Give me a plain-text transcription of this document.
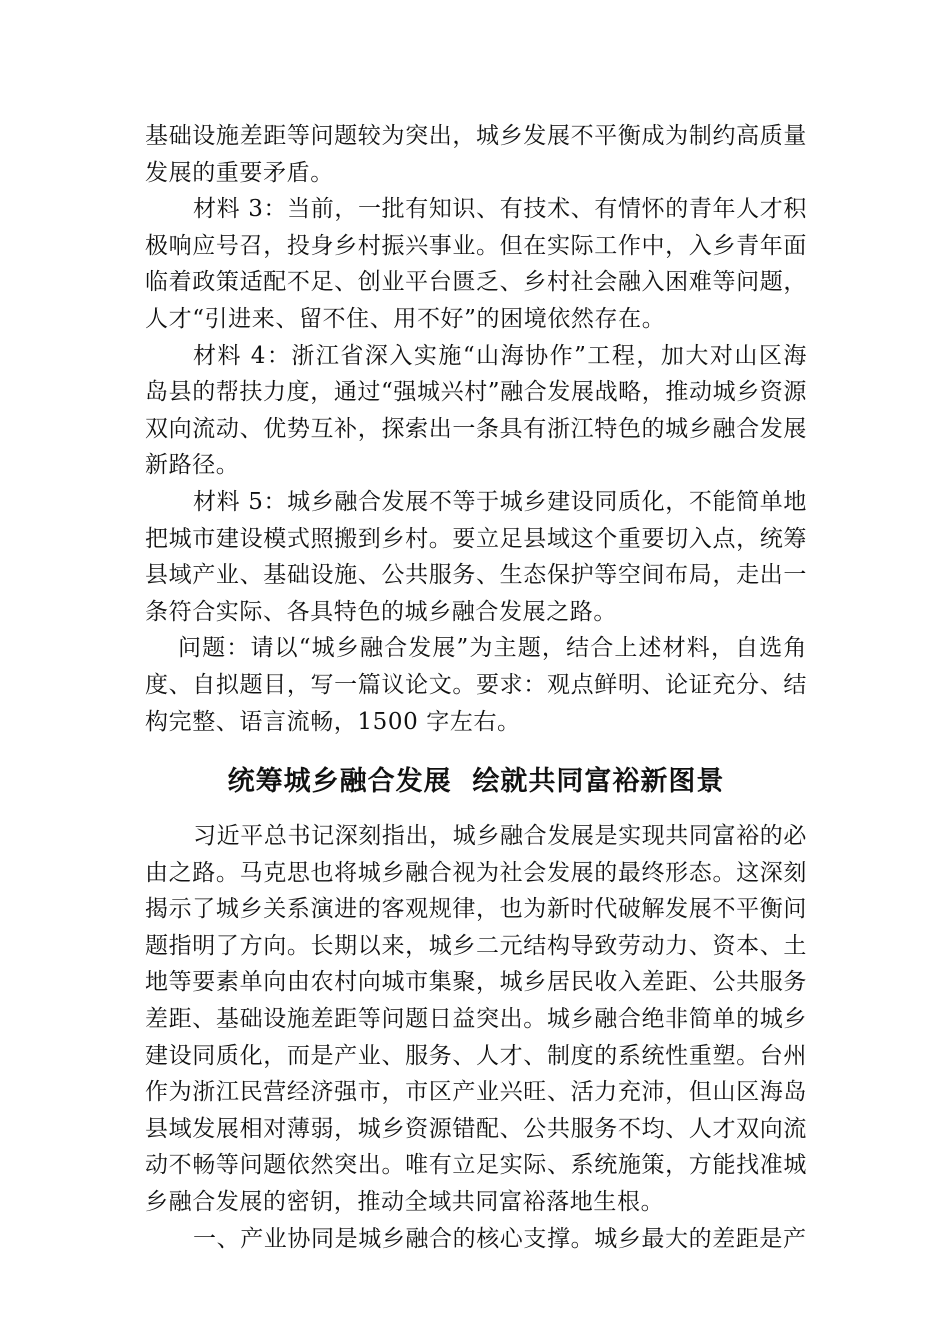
基础设施差距等问题较为突出，城乡发展不平衡成为制约高质量发展的重要矛盾。

材料 3：当前，一批有知识、有技术、有情怀的青年人才积极响应号召，投身乡村振兴事业。但在实际工作中，入乡青年面临着政策适配不足、创业平台匮乏、乡村社会融入困难等问题，人才“引进来、留不住、用不好”的困境依然存在。

材料 4：浙江省深入实施“山海协作”工程，加大对山区海岛县的帮扶力度，通过“强城兴村”融合发展战略，推动城乡资源双向流动、优势互补，探索出一条具有浙江特色的城乡融合发展新路径。

材料 5：城乡融合发展不等于城乡建设同质化，不能简单地把城市建设模式照搬到乡村。要立足县域这个重要切入点，统筹县域产业、基础设施、公共服务、生态保护等空间布局，走出一条符合实际、各具特色的城乡融合发展之路。

问题：请以“城乡融合发展”为主题，结合上述材料，自选角度、自拟题目，写一篇议论文。要求：观点鲜明、论证充分、结构完整、语言流畅，1500 字左右。

统筹城乡融合发展  绘就共同富裕新图景

习近平总书记深刻指出，城乡融合发展是实现共同富裕的必由之路。马克思也将城乡融合视为社会发展的最终形态。这深刻揭示了城乡关系演进的客观规律，也为新时代破解发展不平衡问题指明了方向。长期以来，城乡二元结构导致劳动力、资本、土地等要素单向由农村向城市集聚，城乡居民收入差距、公共服务差距、基础设施差距等问题日益突出。城乡融合绝非简单的城乡建设同质化，而是产业、服务、人才、制度的系统性重塑。台州作为浙江民营经济强市，市区产业兴旺、活力充沛，但山区海岛县域发展相对薄弱，城乡资源错配、公共服务不均、人才双向流动不畅等问题依然突出。唯有立足实际、系统施策，方能找准城乡融合发展的密钥，推动全域共同富裕落地生根。

一、产业协同是城乡融合的核心支撑。城乡最大的差距是产
